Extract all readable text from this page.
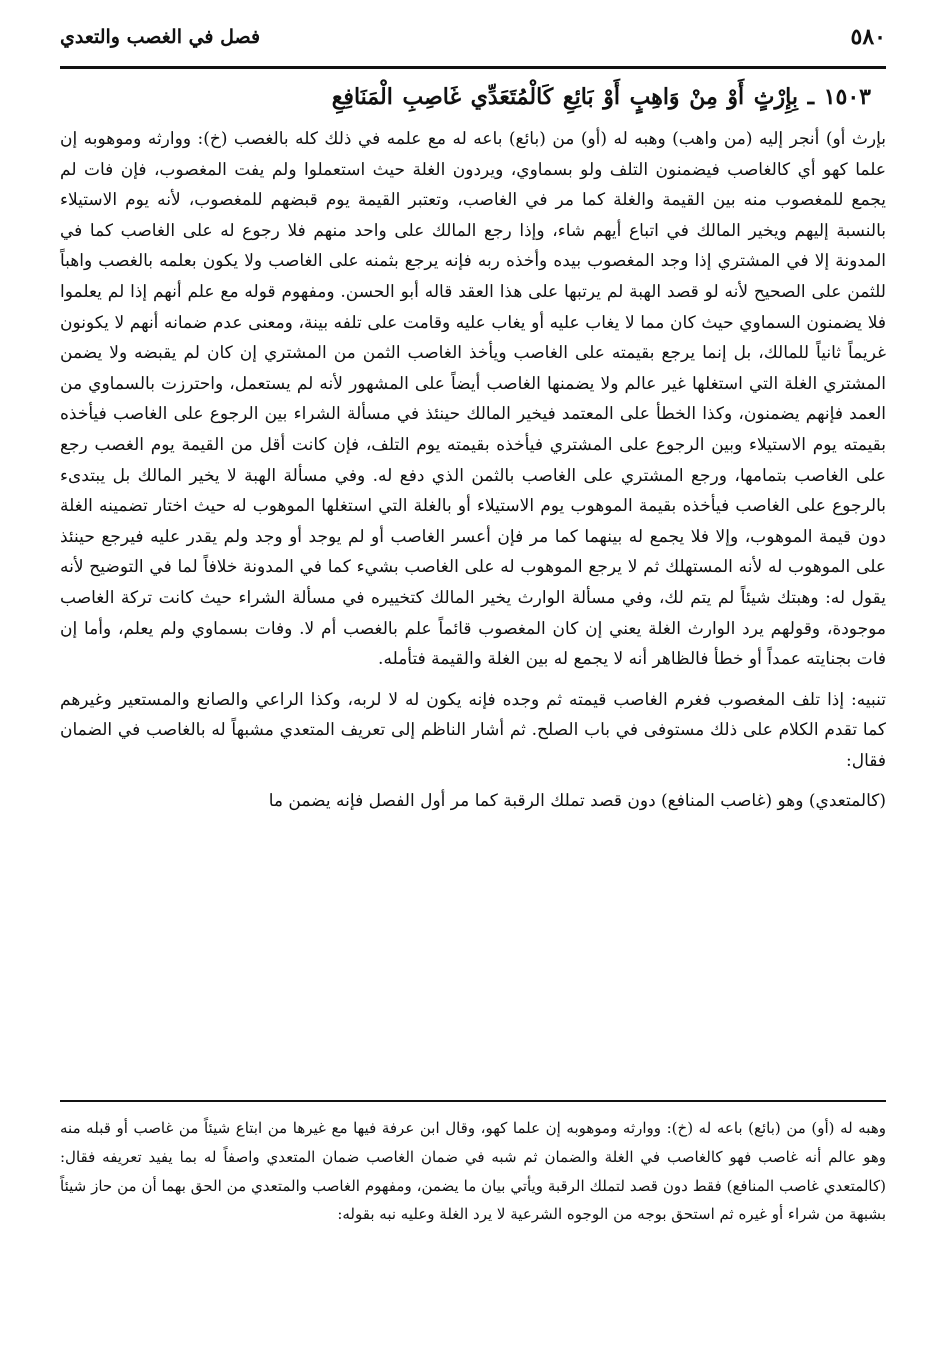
٥٨٠
فصل في الغصب والتعدي
١٥٠٣ ـ بِإِرْثٍ أَوْ مِنْ وَاهِبٍ أَوْ بَائِعِ كَالْمُتَعَدِّي غَاصِبِ الْمَنَافِعِ

بإرث أو) أنجر إليه (من واهب) وهبه له (أو) من (بائع) باعه له مع علمه في ذلك كله بالغصب (خ): ووارثه وموهوبه إن علما كهو أي كالغاصب فيضمنون التلف ولو بسماوي، ويردون الغلة حيث استعملوا ولم يفت المغصوب، فإن فات لم يجمع للمغصوب منه بين القيمة والغلة كما مر في الغاصب، وتعتبر القيمة يوم قبضهم للمغصوب، لأنه يوم الاستيلاء بالنسبة إليهم ويخير المالك في اتباع أيهم شاء، وإذا رجع المالك على واحد منهم فلا رجوع له على الغاصب كما في المدونة إلا في المشتري إذا وجد المغصوب بيده وأخذه ربه فإنه يرجع بثمنه على الغاصب ولا يكون بعلمه بالغصب واهباً للثمن على الصحيح لأنه لو قصد الهبة لم يرتبها على هذا العقد قاله أبو الحسن. ومفهوم قوله مع علم أنهم إذا لم يعلموا فلا يضمنون السماوي حيث كان مما لا يغاب عليه أو يغاب عليه وقامت على تلفه بينة، ومعنى عدم ضمانه أنهم لا يكونون غريماً ثانياً للمالك، بل إنما يرجع بقيمته على الغاصب ويأخذ الغاصب الثمن من المشتري إن كان لم يقبضه ولا يضمن المشتري الغلة التي استغلها غير عالم ولا يضمنها الغاصب أيضاً على المشهور لأنه لم يستعمل، واحترزت بالسماوي من العمد فإنهم يضمنون، وكذا الخطأ على المعتمد فيخير المالك حينئذ في مسألة الشراء بين الرجوع على الغاصب فيأخذه بقيمته يوم الاستيلاء وبين الرجوع على المشتري فيأخذه بقيمته يوم التلف، فإن كانت أقل من القيمة يوم الغصب رجع على الغاصب بتمامها، ورجع المشتري على الغاصب بالثمن الذي دفع له. وفي مسألة الهبة لا يخير المالك بل يبتدىء بالرجوع على الغاصب فيأخذه بقيمة الموهوب يوم الاستيلاء أو بالغلة التي استغلها الموهوب له حيث اختار تضمينه الغلة دون قيمة الموهوب، وإلا فلا يجمع له بينهما كما مر فإن أعسر الغاصب أو لم يوجد أو وجد ولم يقدر عليه فيرجع حينئذ على الموهوب له لأنه المستهلك ثم لا يرجع الموهوب له على الغاصب بشيء كما في المدونة خلافاً لما في التوضيح لأنه يقول له: وهبتك شيئاً لم يتم لك، وفي مسألة الوارث يخير المالك كتخييره في مسألة الشراء حيث كانت تركة الغاصب موجودة، وقولهم يرد الوارث الغلة يعني إن كان المغصوب قائماً علم بالغصب أم لا. وفات بسماوي ولم يعلم، وأما إن فات بجنايته عمداً أو خطأ فالظاهر أنه لا يجمع له بين الغلة والقيمة فتأمله.

تنبيه: إذا تلف المغصوب فغرم الغاصب قيمته ثم وجده فإنه يكون له لا لربه، وكذا الراعي والصانع والمستعير وغيرهم كما تقدم الكلام على ذلك مستوفى في باب الصلح. ثم أشار الناظم إلى تعريف المتعدي مشبهاً له بالغاصب في الضمان فقال:

(كالمتعدي) وهو (غاصب المنافع) دون قصد تملك الرقبة كما مر أول الفصل فإنه يضمن ما

وهبه له (أو) من (بائع) باعه له (خ): ووارثه وموهوبه إن علما كهو، وقال ابن عرفة فيها مع غيرها من ابتاع شيئاً من غاصب أو قبله منه وهو عالم أنه غاصب فهو كالغاصب في الغلة والضمان ثم شبه في ضمان الغاصب ضمان المتعدي واصفاً له بما يفيد تعريفه فقال: (كالمتعدي غاصب المنافع) فقط دون قصد لتملك الرقبة ويأتي بيان ما يضمن، ومفهوم الغاصب والمتعدي من الحق بهما أن من حاز شيئاً بشبهة من شراء أو غيره ثم استحق بوجه من الوجوه الشرعية لا يرد الغلة وعليه نبه بقوله:
